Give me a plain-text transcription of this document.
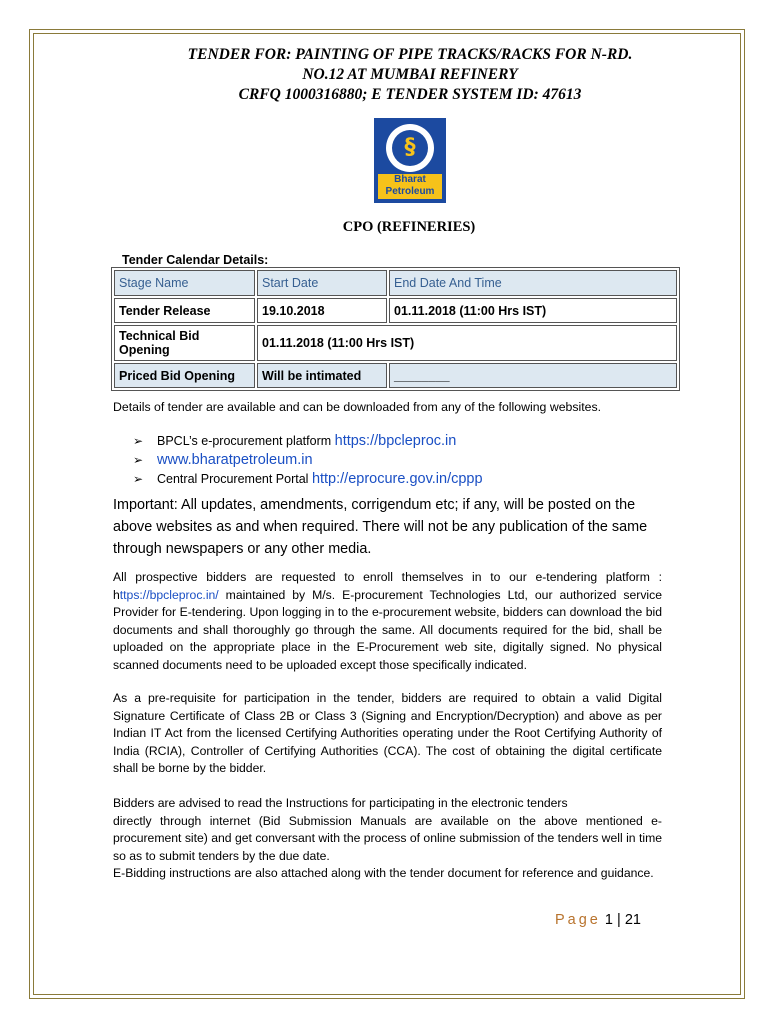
TENDER FOR: PAINTING OF PIPE TRACKS/RACKS FOR N-RD.
NO.12 AT MUMBAI REFINERY
CRFQ 1000316880; E TENDER SYSTEM ID: 47613
§
Bharat
Petroleum
CPO (REFINERIES)
Tender Calendar Details:
Stage Name	Start Date	End Date And Time
Tender Release	19.10.2018	01.11.2018 (11:00 Hrs IST)
Technical Bid Opening	01.11.2018 (11:00 Hrs IST)	
Priced Bid Opening	Will be intimated	________
Details of tender are available and can be downloaded from any of the following websites.
➢ BPCL’s e-procurement platform https://bpcleproc.in
➢ www.bharatpetroleum.in
➢ Central Procurement Portal http://eprocure.gov.in/cppp
Important: All updates, amendments, corrigendum etc; if any, will be posted on the above websites as and when required. There will not be any publication of the same through newspapers or any other media.
All prospective bidders are requested to enroll themselves in to our e-tendering platform : https://bpcleproc.in/ maintained by M/s. E-procurement Technologies Ltd, our authorized service Provider for E-tendering. Upon logging in to the e-procurement website, bidders can download the bid documents and shall thoroughly go through the same. All documents required for the bid, shall be uploaded on the appropriate place in the E-Procurement web site, digitally signed. No physical scanned documents need to be uploaded except those specifically indicated.
As a pre-requisite for participation in the tender, bidders are required to obtain a valid Digital Signature Certificate of Class 2B or Class 3 (Signing and Encryption/Decryption) and above as per Indian IT Act from the licensed Certifying Authorities operating under the Root Certifying Authority of India (RCIA), Controller of Certifying Authorities (CCA). The cost of obtaining the digital certificate shall be borne by the bidder.
Bidders are advised to read the Instructions for participating in the electronic tenders
directly through internet (Bid Submission Manuals are available on the above mentioned e-procurement site) and get conversant with the process of online submission of the tenders well in time so as to submit tenders by the due date.
E-Bidding instructions are also attached along with the tender document for reference and guidance.
Page 1 | 21
